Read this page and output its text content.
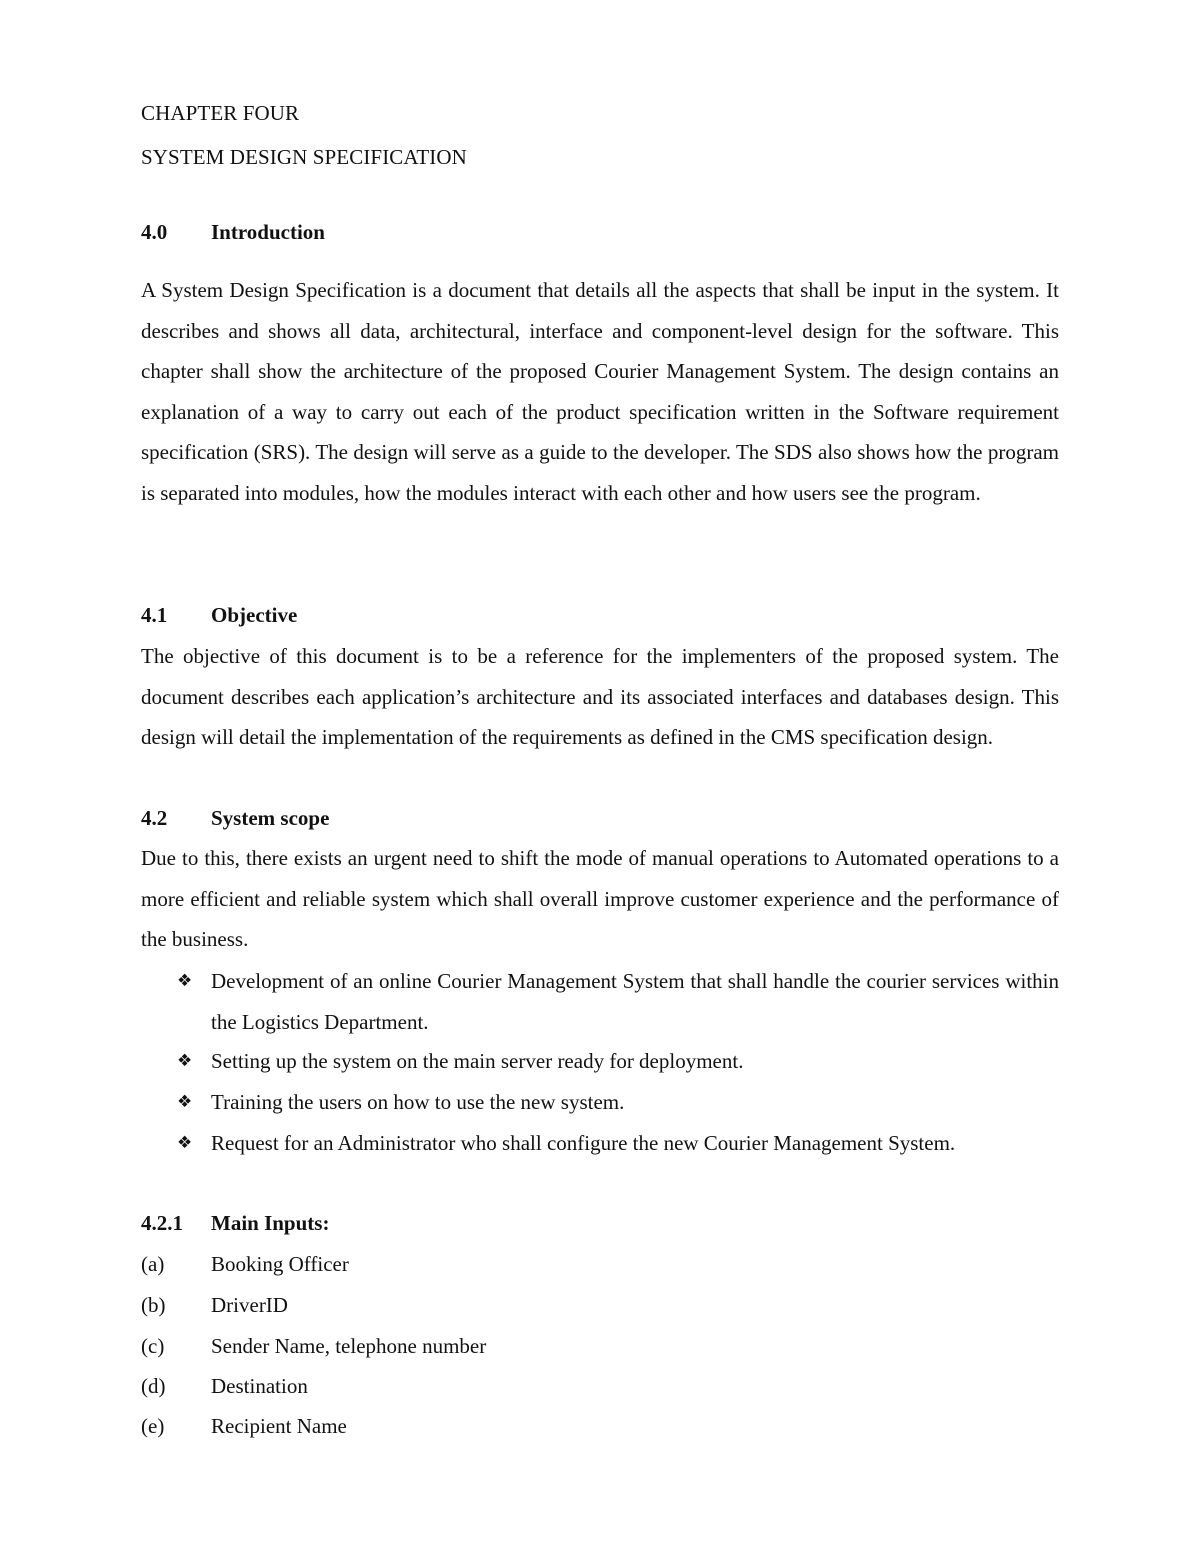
CHAPTER FOUR
SYSTEM DESIGN SPECIFICATION
4.0 Introduction
A System Design Specification is a document that details all the aspects that shall be input in the system. It describes and shows all data, architectural, interface and component-level design for the software. This chapter shall show the architecture of the proposed Courier Management System. The design contains an explanation of a way to carry out each of the product specification written in the Software requirement specification (SRS). The design will serve as a guide to the developer. The SDS also shows how the program is separated into modules, how the modules interact with each other and how users see the program.
4.1 Objective
The objective of this document is to be a reference for the implementers of the proposed system. The document describes each application’s architecture and its associated interfaces and databases design. This design will detail the implementation of the requirements as defined in the CMS specification design.
4.2 System scope
Due to this, there exists an urgent need to shift the mode of manual operations to Automated operations to a more efficient and reliable system which shall overall improve customer experience and the performance of the business.
❖ Development of an online Courier Management System that shall handle the courier services within the Logistics Department.
❖ Setting up the system on the main server ready for deployment.
❖ Training the users on how to use the new system.
❖ Request for an Administrator who shall configure the new Courier Management System.
4.2.1 Main Inputs:
(a) Booking Officer
(b) DriverID
(c) Sender Name, telephone number
(d) Destination
(e) Recipient Name
